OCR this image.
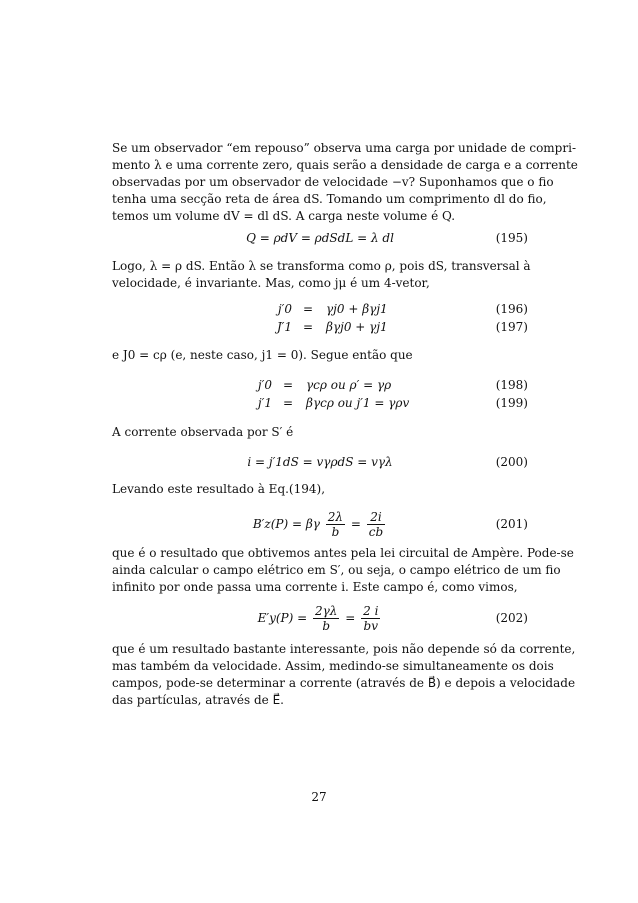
Se um observador “em repouso” observa uma carga por unidade de compri-
mento λ e uma corrente zero, quais serão a densidade de carga e a corrente
observadas por um observador de velocidade −v? Suponhamos que o fio
tenha uma secção reta de área dS. Tomando um comprimento dl do fio,
temos um volume dV = dl dS. A carga neste volume é Q.
Q = ρdV = ρdSdL = λ dl	(195)
Logo, λ = ρ dS. Então λ se transforma como ρ, pois dS, transversal à
velocidade, é invariante. Mas, como jμ é um 4-vetor,
j′0 =	γj0 + βγj1	(196)
J′1 =	βγj0 + γj1	(197)
e J0 = cρ (e, neste caso, j1 = 0). Segue então que
j′0 =	γcρ ou ρ′ = γρ	(198)
j′1 =	βγcρ ou j′1 = γρv	(199)
A corrente observada por S′ é
i = j′1dS = vγρdS = vγλ	(200)
Levando este resultado à Eq.(194),
B′z(P) = βγ $\frac{2\lambda}{b} = \frac{2i}{cb}$	(201)
que é o resultado que obtivemos antes pela lei circuital de Ampère. Pode-se
ainda calcular o campo elétrico em S′, ou seja, o campo elétrico de um fio
infinito por onde passa uma corrente i. Este campo é, como vimos,
$E'y(P) = \frac{2\gamma\lambda}{b} = \frac{2 i}{bv}$	(202)
que é um resultado bastante interessante, pois não depende só da corrente,
mas também da velocidade. Assim, medindo-se simultaneamente os dois
campos, pode-se determinar a corrente (através de B⃗) e depois a velocidade
das partículas, através de E⃗.
27
